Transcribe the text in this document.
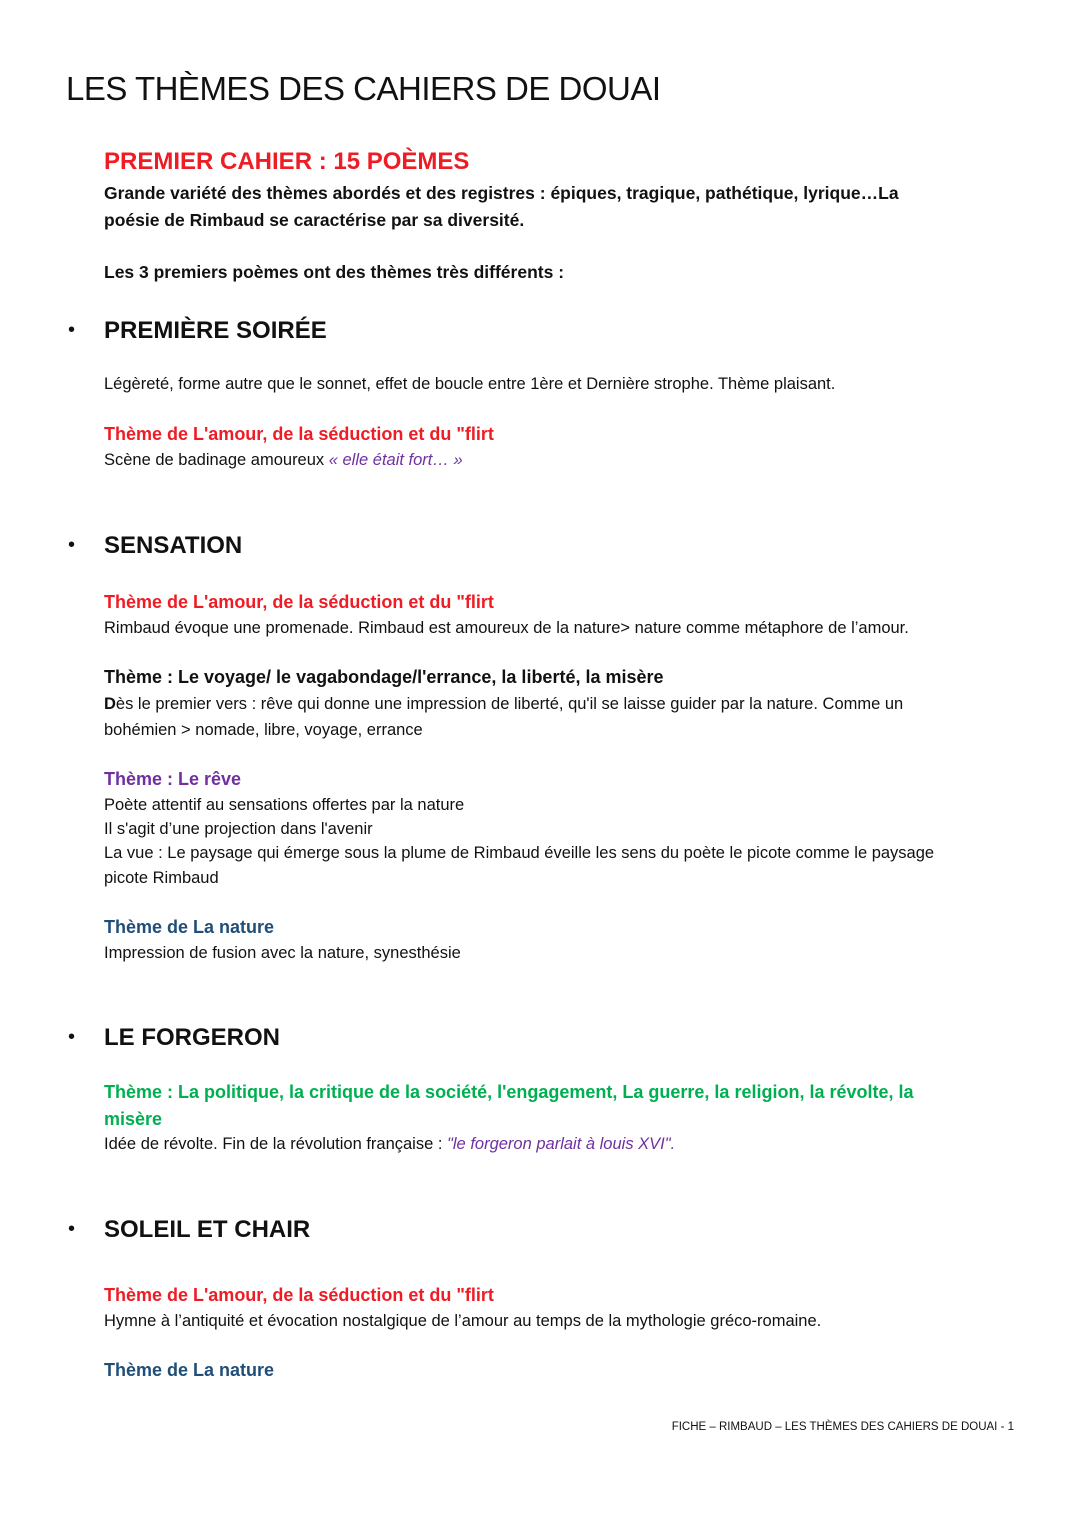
LES THÈMES DES CAHIERS DE DOUAI
PREMIER CAHIER : 15 POÈMES
Grande variété des thèmes abordés et des registres : épiques, tragique, pathétique, lyrique…La
poésie de Rimbaud se caractérise par sa diversité.
Les 3 premiers poèmes ont des thèmes très différents :
• PREMIÈRE SOIRÉE
Légèreté, forme autre que le sonnet, effet de boucle entre 1ère et Dernière strophe. Thème plaisant.
Thème de L'amour, de la séduction et du "flirt
Scène de badinage amoureux « elle était fort… »
• SENSATION
Thème de L'amour, de la séduction et du "flirt
Rimbaud évoque une promenade. Rimbaud est amoureux de la nature> nature comme métaphore de l’amour.
Thème : Le voyage/ le vagabondage/l'errance, la liberté, la misère
Dès le premier vers : rêve qui donne une impression de liberté, qu'il se laisse guider par la nature. Comme un
bohémien > nomade, libre, voyage, errance
Thème : Le rêve
Poète attentif au sensations offertes par la nature
Il s'agit d’une projection dans l'avenir
La vue : Le paysage qui émerge sous la plume de Rimbaud éveille les sens du poète le picote comme le paysage
picote Rimbaud
Thème de La nature
Impression de fusion avec la nature, synesthésie
• LE FORGERON
Thème : La politique, la critique de la société, l'engagement, La guerre, la religion, la révolte, la
misère
Idée de révolte. Fin de la révolution française : "le forgeron parlait à louis XVI".
• SOLEIL ET CHAIR
Thème de L'amour, de la séduction et du "flirt
Hymne à l’antiquité et évocation nostalgique de l’amour au temps de la mythologie gréco-romaine.
Thème de La nature
FICHE – RIMBAUD – LES THÈMES DES CAHIERS DE DOUAI - 1
